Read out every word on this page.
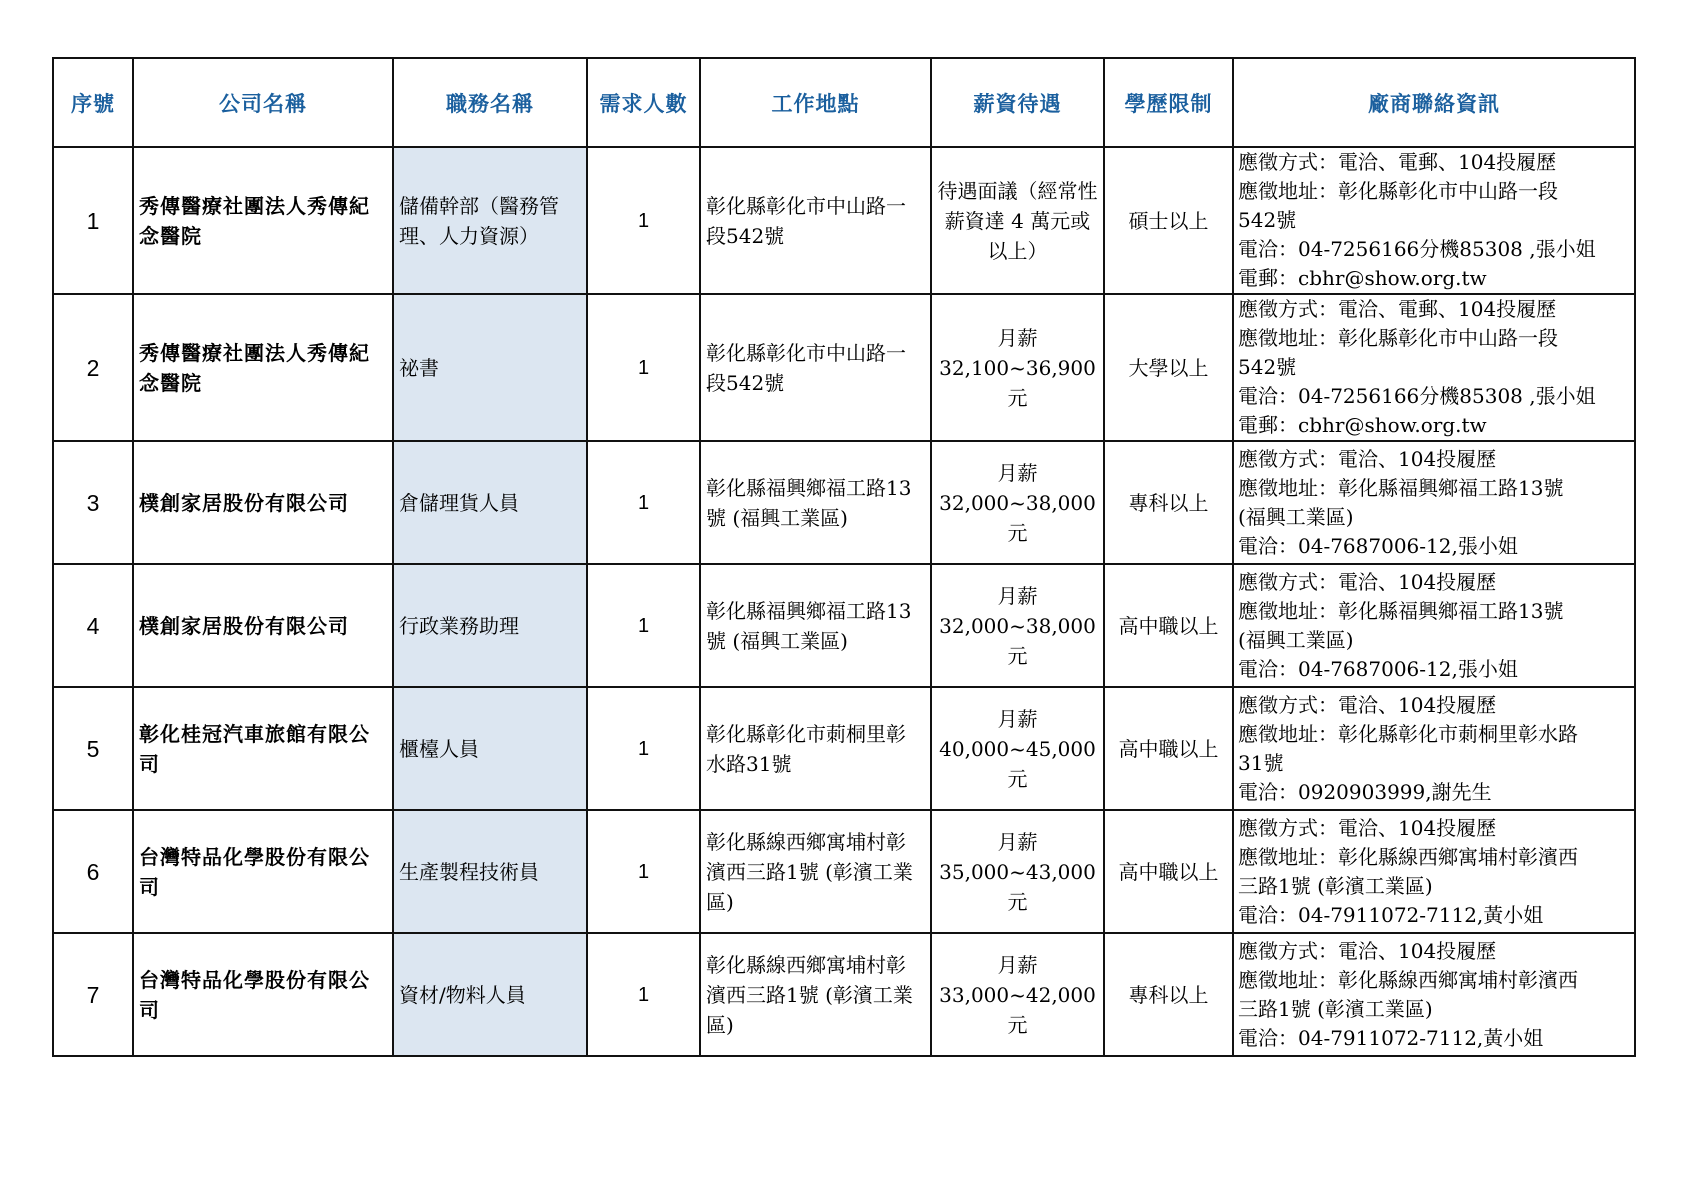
序號	公司名稱	職務名稱	需求人數	工作地點	薪資待遇	學歷限制	廠商聯絡資訊
1	秀傳醫療社團法人秀傳紀念醫院	儲備幹部（醫務管理、人力資源）	1	彰化縣彰化市中山路一段542號	待遇面議（經常性薪資達 4 萬元或以上）	碩士以上	應徵方式：電洽、電郵、104投履歷
應徵地址：彰化縣彰化市中山路一段
542號
電洽：04-7256166分機85308 ,張小姐
電郵：cbhr@show.org.tw

2	秀傳醫療社團法人秀傳紀念醫院	祕書	1	彰化縣彰化市中山路一段542號	月薪 32,100~36,900元	大學以上	應徵方式：電洽、電郵、104投履歷
應徵地址：彰化縣彰化市中山路一段
542號
電洽：04-7256166分機85308 ,張小姐
電郵：cbhr@show.org.tw

3	樸創家居股份有限公司	倉儲理貨人員	1	彰化縣福興鄉福工路13號 (福興工業區)	月薪 32,000~38,000元	專科以上	應徵方式：電洽、104投履歷
應徵地址：彰化縣福興鄉福工路13號
(福興工業區)
電洽：04-7687006-12,張小姐

4	樸創家居股份有限公司	行政業務助理	1	彰化縣福興鄉福工路13號 (福興工業區)	月薪 32,000~38,000元	高中職以上	應徵方式：電洽、104投履歷
應徵地址：彰化縣福興鄉福工路13號
(福興工業區)
電洽：04-7687006-12,張小姐

5	彰化桂冠汽車旅館有限公司	櫃檯人員	1	彰化縣彰化市莿桐里彰水路31號	月薪 40,000~45,000元	高中職以上	應徵方式：電洽、104投履歷
應徵地址：彰化縣彰化市莿桐里彰水路
31號
電洽：0920903999,謝先生

6	台灣特品化學股份有限公司	生產製程技術員	1	彰化縣線西鄉寓埔村彰濱西三路1號 (彰濱工業區)	月薪 35,000~43,000元	高中職以上	應徵方式：電洽、104投履歷
應徵地址：彰化縣線西鄉寓埔村彰濱西
三路1號 (彰濱工業區)
電洽：04-7911072-7112,黃小姐

7	台灣特品化學股份有限公司	資材/物料人員	1	彰化縣線西鄉寓埔村彰濱西三路1號 (彰濱工業區)	月薪 33,000~42,000元	專科以上	應徵方式：電洽、104投履歷
應徵地址：彰化縣線西鄉寓埔村彰濱西
三路1號 (彰濱工業區)
電洽：04-7911072-7112,黃小姐
